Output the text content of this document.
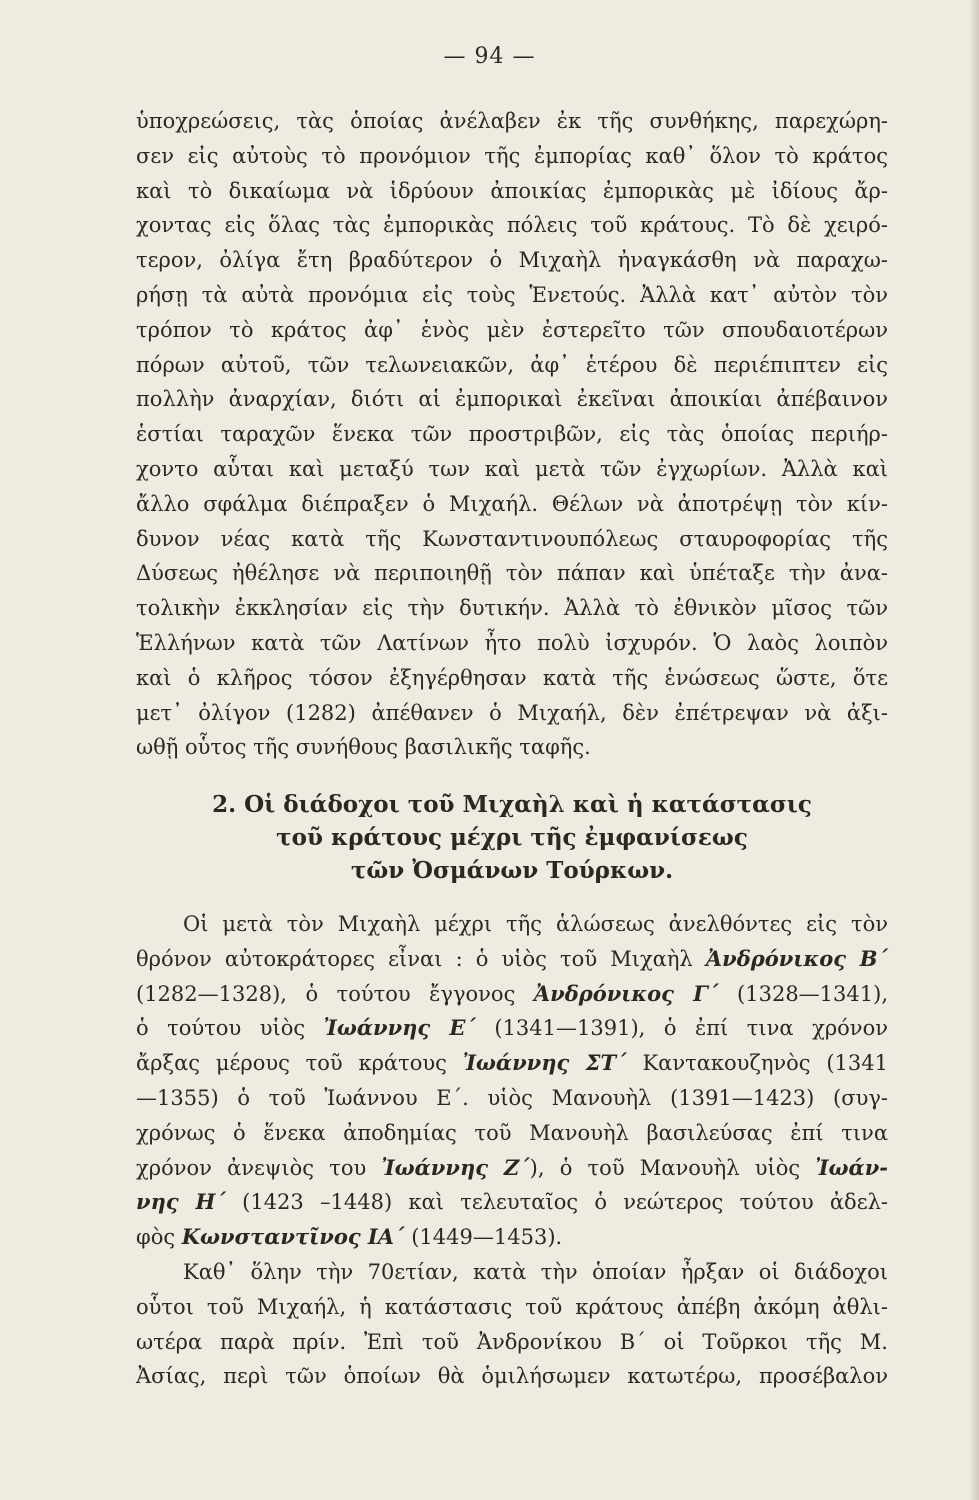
— 94 —
ὑποχρεώσεις, τὰς ὁποίας ἀνέλαβεν ἐκ τῆς συνθήκης, παρεχώρη-
σεν εἰς αὐτοὺς τὸ προνόμιον τῆς ἐμπορίας καθ᾽ ὅλον τὸ κράτος
καὶ τὸ δικαίωμα νὰ ἱδρύουν ἀποικίας ἐμπορικὰς μὲ ἰδίους ἄρ-
χοντας εἰς ὅλας τὰς ἐμπορικὰς πόλεις τοῦ κράτους. Τὸ δὲ χειρό-
τερον, ὀλίγα ἔτη βραδύτερον ὁ Μιχαὴλ ἠναγκάσθη νὰ παραχω-
ρήσῃ τὰ αὐτὰ προνόμια εἰς τοὺς Ἑνετούς. Ἀλλὰ κατ᾽ αὐτὸν τὸν
τρόπον τὸ κράτος ἀφ᾽ ἑνὸς μὲν ἐστερεῖτο τῶν σπουδαιοτέρων
πόρων αὐτοῦ, τῶν τελωνειακῶν, ἀφ᾽ ἑτέρου δὲ περιέπιπτεν εἰς
πολλὴν ἀναρχίαν, διότι αἱ ἐμπορικαὶ ἐκεῖναι ἀποικίαι ἀπέβαινον
ἑστίαι ταραχῶν ἕνεκα τῶν προστριβῶν, εἰς τὰς ὁποίας περιήρ-
χοντο αὗται καὶ μεταξύ των καὶ μετὰ τῶν ἐγχωρίων. Ἀλλὰ καὶ
ἄλλο σφάλμα διέπραξεν ὁ Μιχαήλ. Θέλων νὰ ἀποτρέψῃ τὸν κίν-
δυνον νέας κατὰ τῆς Κωνσταντινουπόλεως σταυροφορίας τῆς
Δύσεως ἠθέλησε νὰ περιποιηθῇ τὸν πάπαν καὶ ὑπέταξε τὴν ἀνα-
τολικὴν ἐκκλησίαν εἰς τὴν δυτικήν. Ἀλλὰ τὸ ἐθνικὸν μῖσος τῶν
Ἑλλήνων κατὰ τῶν Λατίνων ἦτο πολὺ ἰσχυρόν. Ὁ λαὸς λοιπὸν
καὶ ὁ κλῆρος τόσον ἐξηγέρθησαν κατὰ τῆς ἑνώσεως ὥστε, ὅτε
μετ᾽ ὀλίγον (1282) ἀπέθανεν ὁ Μιχαήλ, δὲν ἐπέτρεψαν νὰ ἀξι-
ωθῇ οὗτος τῆς συνήθους βασιλικῆς ταφῆς.
2. Οἱ διάδοχοι τοῦ Μιχαὴλ καὶ ἡ κατάστασις
τοῦ κράτους μέχρι τῆς ἐμφανίσεως
τῶν Ὀσμάνων Τούρκων.
Οἱ μετὰ τὸν Μιχαὴλ μέχρι τῆς ἁλώσεως ἀνελθόντες εἰς τὸν
θρόνον αὐτοκράτορες εἶναι : ὁ υἱὸς τοῦ Μιχαὴλ Ἀνδρόνικος Β΄
(1282—1328), ὁ τούτου ἔγγονος Ἀνδρόνικος Γ΄ (1328—1341),
ὁ τούτου υἱὸς Ἰωάννης Ε΄ (1341—1391), ὁ ἐπί τινα χρόνον
ἄρξας μέρους τοῦ κράτους Ἰωάννης ΣΤ΄ Καντακουζηνὸς (1341
—1355) ὁ τοῦ Ἰωάννου Ε΄. υἱὸς Μανουὴλ (1391—1423) (συγ-
χρόνως ὁ ἕνεκα ἀποδημίας τοῦ Μανουὴλ βασιλεύσας ἐπί τινα
χρόνον ἀνεψιὸς του Ἰωάννης Ζ΄), ὁ τοῦ Μανουὴλ υἱὸς Ἰωάν-
νης Η΄ (1423 –1448) καὶ τελευταῖος ὁ νεώτερος τούτου ἀδελ-
φὸς Κωνσταντῖνος ΙΑ΄ (1449—1453).
Καθ᾽ ὅλην τὴν 70ετίαν, κατὰ τὴν ὁποίαν ἦρξαν οἱ διάδοχοι
οὗτοι τοῦ Μιχαήλ, ἡ κατάστασις τοῦ κράτους ἀπέβη ἀκόμη ἀθλι-
ωτέρα παρὰ πρίν. Ἐπὶ τοῦ Ἀνδρονίκου Β΄ οἱ Τοῦρκοι τῆς Μ.
Ἀσίας, περὶ τῶν ὁποίων θὰ ὁμιλήσωμεν κατωτέρω, προσέβαλον
